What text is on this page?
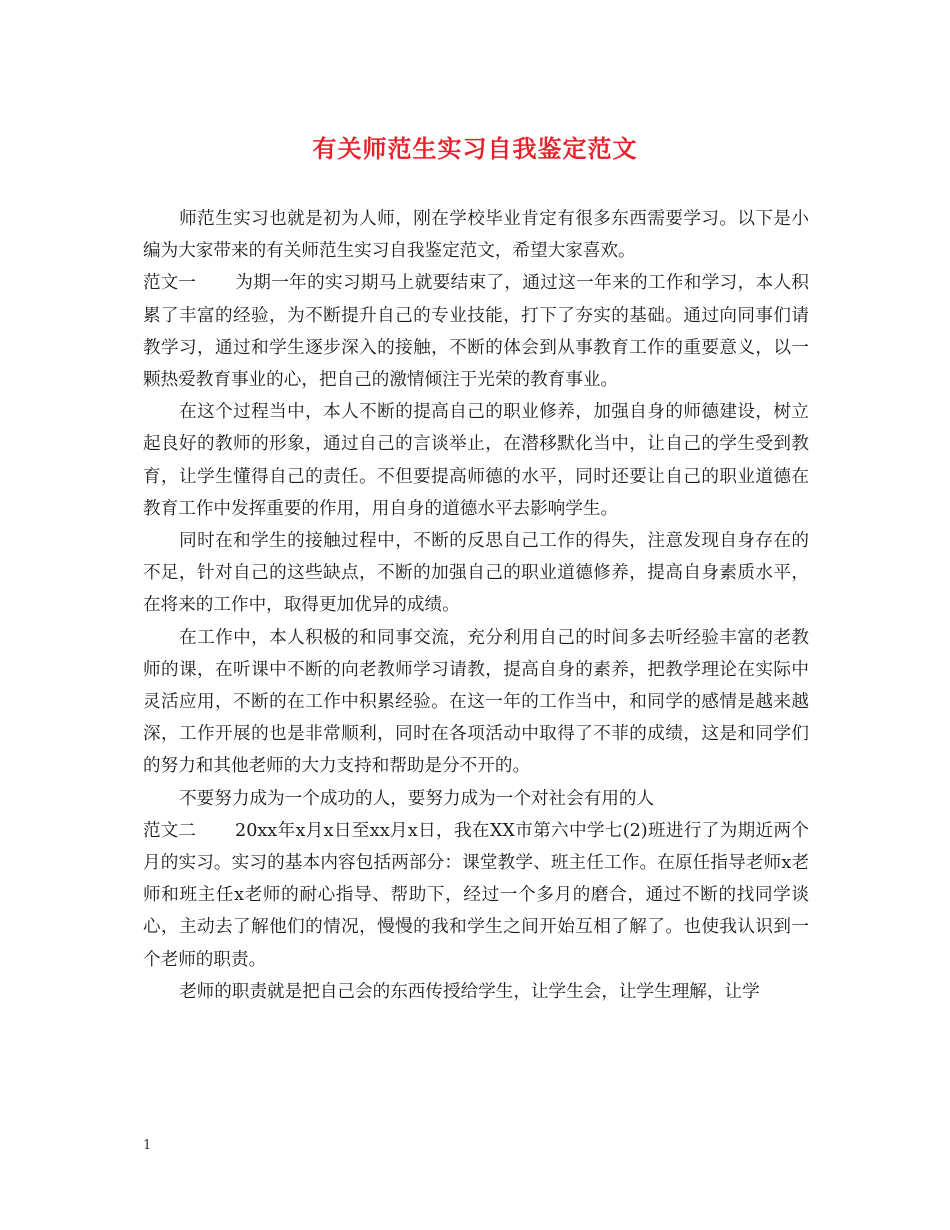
有关师范生实习自我鉴定范文

师范生实习也就是初为人师，刚在学校毕业肯定有很多东西需要学习。以下是小编为大家带来的有关师范生实习自我鉴定范文，希望大家喜欢。

范文一 为期一年的实习期马上就要结束了，通过这一年来的工作和学习，本人积累了丰富的经验，为不断提升自己的专业技能，打下了夯实的基础。通过向同事们请教学习，通过和学生逐步深入的接触，不断的体会到从事教育工作的重要意义，以一颗热爱教育事业的心，把自己的激情倾注于光荣的教育事业。

在这个过程当中，本人不断的提高自己的职业修养，加强自身的师德建设，树立起良好的教师的形象，通过自己的言谈举止，在潜移默化当中，让自己的学生受到教育，让学生懂得自己的责任。不但要提高师德的水平，同时还要让自己的职业道德在教育工作中发挥重要的作用，用自身的道德水平去影响学生。

同时在和学生的接触过程中，不断的反思自己工作的得失，注意发现自身存在的不足，针对自己的这些缺点，不断的加强自己的职业道德修养，提高自身素质水平，在将来的工作中，取得更加优异的成绩。

在工作中，本人积极的和同事交流，充分利用自己的时间多去听经验丰富的老教师的课，在听课中不断的向老教师学习请教，提高自身的素养，把教学理论在实际中灵活应用，不断的在工作中积累经验。在这一年的工作当中，和同学的感情是越来越深，工作开展的也是非常顺利，同时在各项活动中取得了不菲的成绩，这是和同学们的努力和其他老师的大力支持和帮助是分不开的。

不要努力成为一个成功的人，要努力成为一个对社会有用的人

范文二 20xx年x月x日至xx月x日，我在XX市第六中学七(2)班进行了为期近两个月的实习。实习的基本内容包括两部分：课堂教学、班主任工作。在原任指导老师x老师和班主任x老师的耐心指导、帮助下，经过一个多月的磨合，通过不断的找同学谈心，主动去了解他们的情况，慢慢的我和学生之间开始互相了解了。也使我认识到一个老师的职责。

老师的职责就是把自己会的东西传授给学生，让学生会，让学生理解，让学

1
